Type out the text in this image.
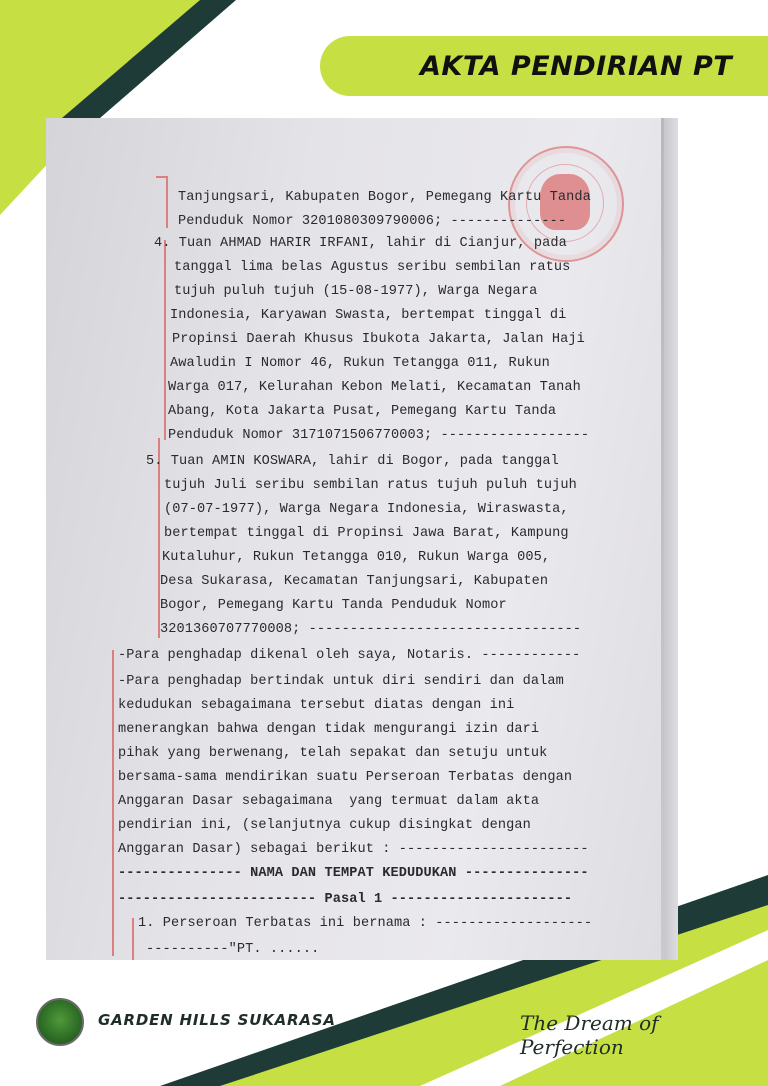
AKTA PENDIRIAN PT
Tanjungsari, Kabupaten Bogor, Pemegang Kartu Tanda
Penduduk Nomor 3201080309790006; --------------
4. Tuan AHMAD HARIR IRFANI, lahir di Cianjur, pada
tanggal lima belas Agustus seribu sembilan ratus
tujuh puluh tujuh (15-08-1977), Warga Negara
Indonesia, Karyawan Swasta, bertempat tinggal di
Propinsi Daerah Khusus Ibukota Jakarta, Jalan Haji
Awaludin I Nomor 46, Rukun Tetangga 011, Rukun
Warga 017, Kelurahan Kebon Melati, Kecamatan Tanah
Abang, Kota Jakarta Pusat, Pemegang Kartu Tanda
Penduduk Nomor 3171071506770003; ------------------
5. Tuan AMIN KOSWARA, lahir di Bogor, pada tanggal
tujuh Juli seribu sembilan ratus tujuh puluh tujuh
(07-07-1977), Warga Negara Indonesia, Wiraswasta,
bertempat tinggal di Propinsi Jawa Barat, Kampung
Kutaluhur, Rukun Tetangga 010, Rukun Warga 005,
Desa Sukarasa, Kecamatan Tanjungsari, Kabupaten
Bogor, Pemegang Kartu Tanda Penduduk Nomor
3201360707770008; ---------------------------------
-Para penghadap dikenal oleh saya, Notaris. ------------
-Para penghadap bertindak untuk diri sendiri dan dalam
kedudukan sebagaimana tersebut diatas dengan ini
menerangkan bahwa dengan tidak mengurangi izin dari
pihak yang berwenang, telah sepakat dan setuju untuk
bersama-sama mendirikan suatu Perseroan Terbatas dengan
Anggaran Dasar sebagaimana  yang termuat dalam akta
pendirian ini, (selanjutnya cukup disingkat dengan
Anggaran Dasar) sebagai berikut : -----------------------
--------------- NAMA DAN TEMPAT KEDUDUKAN ---------------
------------------------ Pasal 1 ----------------------
1. Perseroan Terbatas ini bernama : -------------------
----------"PT. ......
GARDEN HILLS SUKARASA	The Dream of Perfection
